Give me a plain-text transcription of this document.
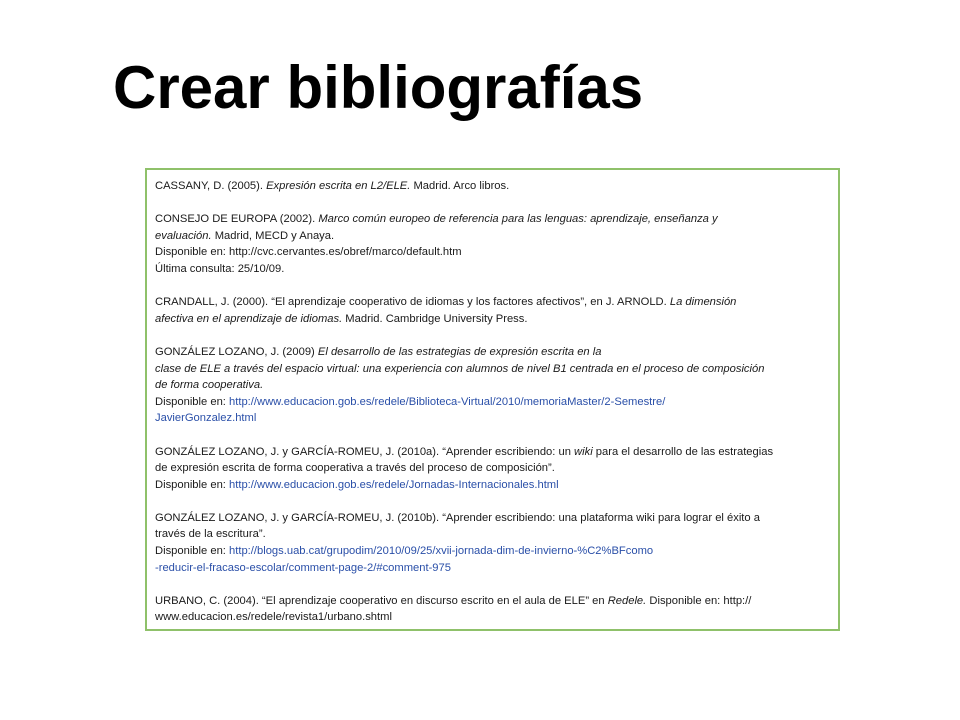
Crear bibliografías
CASSANY, D. (2005). Expresión escrita en L2/ELE. Madrid. Arco libros.
CONSEJO DE EUROPA (2002). Marco común europeo de referencia para las lenguas: aprendizaje, enseñanza y
evaluación. Madrid, MECD y Anaya.
Disponible en: http://cvc.cervantes.es/obref/marco/default.htm
Última consulta: 25/10/09.
CRANDALL, J. (2000). “El aprendizaje cooperativo de idiomas y los factores afectivos”, en J. ARNOLD. La dimensión
afectiva en el aprendizaje de idiomas. Madrid. Cambridge University Press.
GONZÁLEZ LOZANO, J. (2009) El desarrollo de las estrategias de expresión escrita en la
clase de ELE a través del espacio virtual: una experiencia con alumnos de nivel B1 centrada en el proceso de composición
de forma cooperativa.
Disponible en: http://www.educacion.gob.es/redele/Biblioteca-Virtual/2010/memoriaMaster/2-Semestre/
JavierGonzalez.html
GONZÁLEZ LOZANO, J. y GARCÍA-ROMEU, J. (2010a). “Aprender escribiendo: un wiki para el desarrollo de las estrategias
de expresión escrita de forma cooperativa a través del proceso de composición”.
Disponible en: http://www.educacion.gob.es/redele/Jornadas-Internacionales.html
GONZÁLEZ LOZANO, J. y GARCÍA-ROMEU, J. (2010b). “Aprender escribiendo: una plataforma wiki para lograr el éxito a
través de la escritura”.
Disponible en: http://blogs.uab.cat/grupodim/2010/09/25/xvii-jornada-dim-de-invierno-%C2%BFcomo
-reducir-el-fracaso-escolar/comment-page-2/#comment-975
URBANO, C. (2004). “El aprendizaje cooperativo en discurso escrito en el aula de ELE” en Redele. Disponible en: http://
www.educacion.es/redele/revista1/urbano.shtml
